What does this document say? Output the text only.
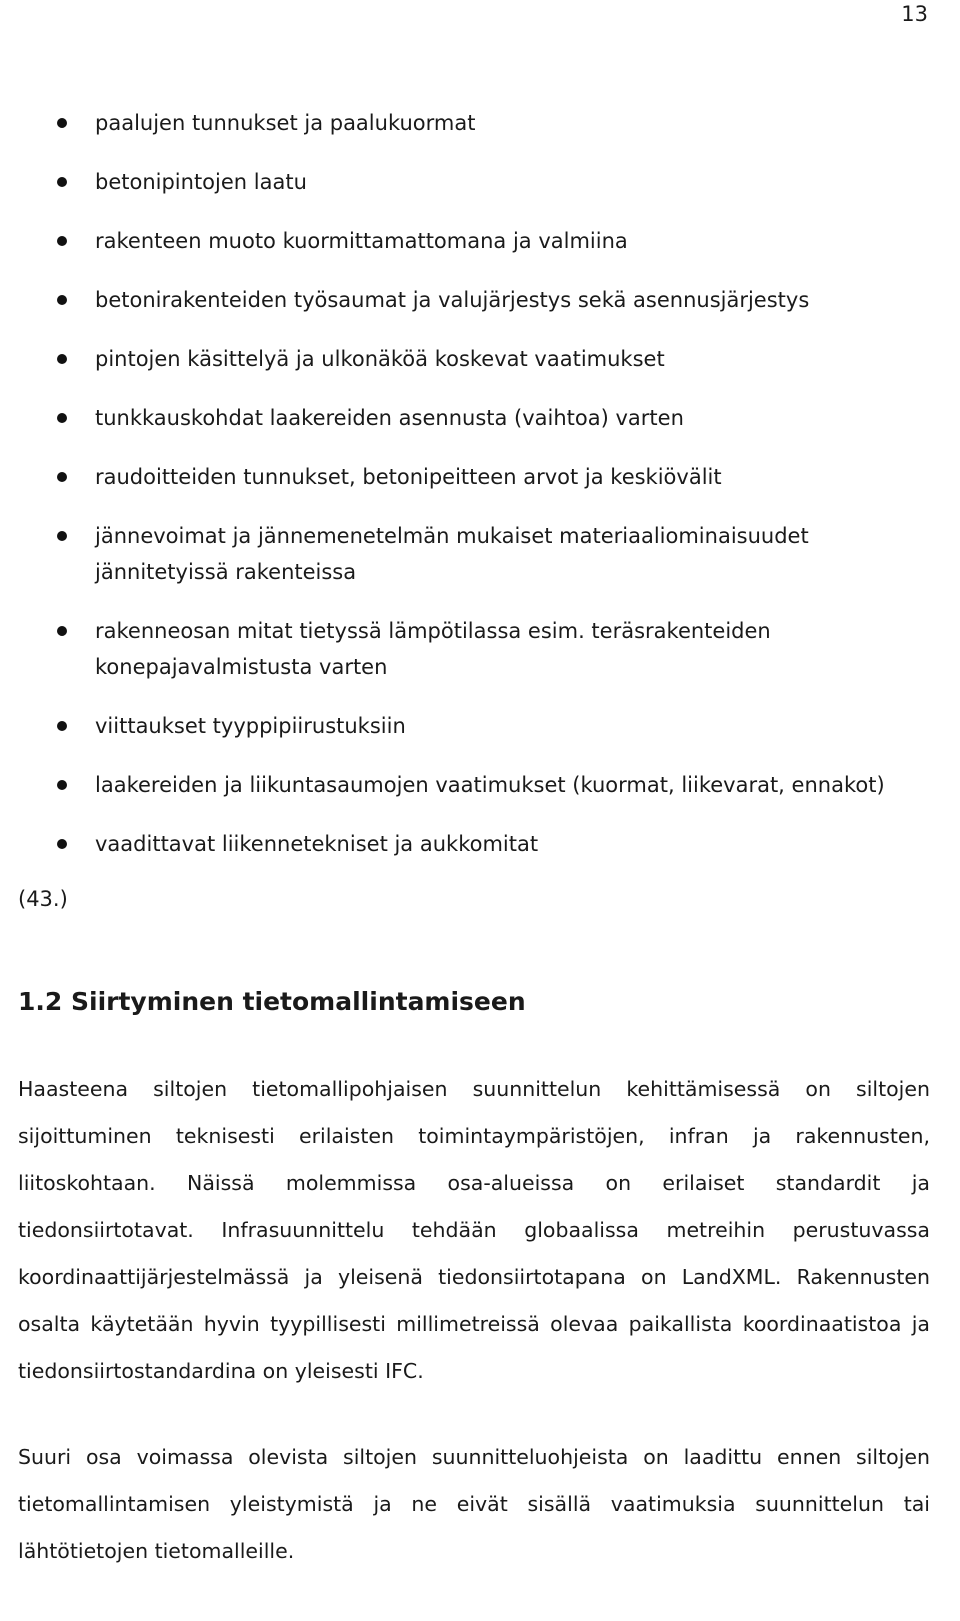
13
paalujen tunnukset ja paalukuormat
betonipintojen laatu
rakenteen muoto kuormittamattomana ja valmiina
betonirakenteiden työsaumat ja valujärjestys sekä asennusjärjestys
pintojen käsittelyä ja ulkonäköä koskevat vaatimukset
tunkkauskohdat laakereiden asennusta (vaihtoa) varten
raudoitteiden tunnukset, betonipeitteen arvot ja keskiövälit
jännevoimat ja jännemenetelmän mukaiset materiaaliominaisuudet jännitetyissä rakenteissa
rakenneosan mitat tietyssä lämpötilassa esim. teräsrakenteiden konepajavalmistusta varten
viittaukset tyyppipiirustuksiin
laakereiden ja liikuntasaumojen vaatimukset (kuormat, liikevarat, ennakot)
vaadittavat liikennetekniset ja aukkomitat
(43.)
1.2 Siirtyminen tietomallintamiseen

Haasteena siltojen tietomallipohjaisen suunnittelun kehittämisessä on siltojen sijoittuminen teknisesti erilaisten toimintaympäristöjen, infran ja rakennusten, liitoskohtaan. Näissä molemmissa osa-alueissa on erilaiset standardit ja tiedonsiirtotavat. Infrasuunnittelu tehdään globaalissa metreihin perustuvassa koordinaattijärjestelmässä ja yleisenä tiedonsiirtotapana on LandXML. Rakennusten osalta käytetään hyvin tyypillisesti millimetreissä olevaa paikallista koordinaatistoa ja tiedonsiirtostandardina on yleisesti IFC.

Suuri osa voimassa olevista siltojen suunnitteluohjeista on laadittu ennen siltojen tietomallintamisen yleistymistä ja ne eivät sisällä vaatimuksia suunnittelun tai lähtötietojen tietomalleille.
